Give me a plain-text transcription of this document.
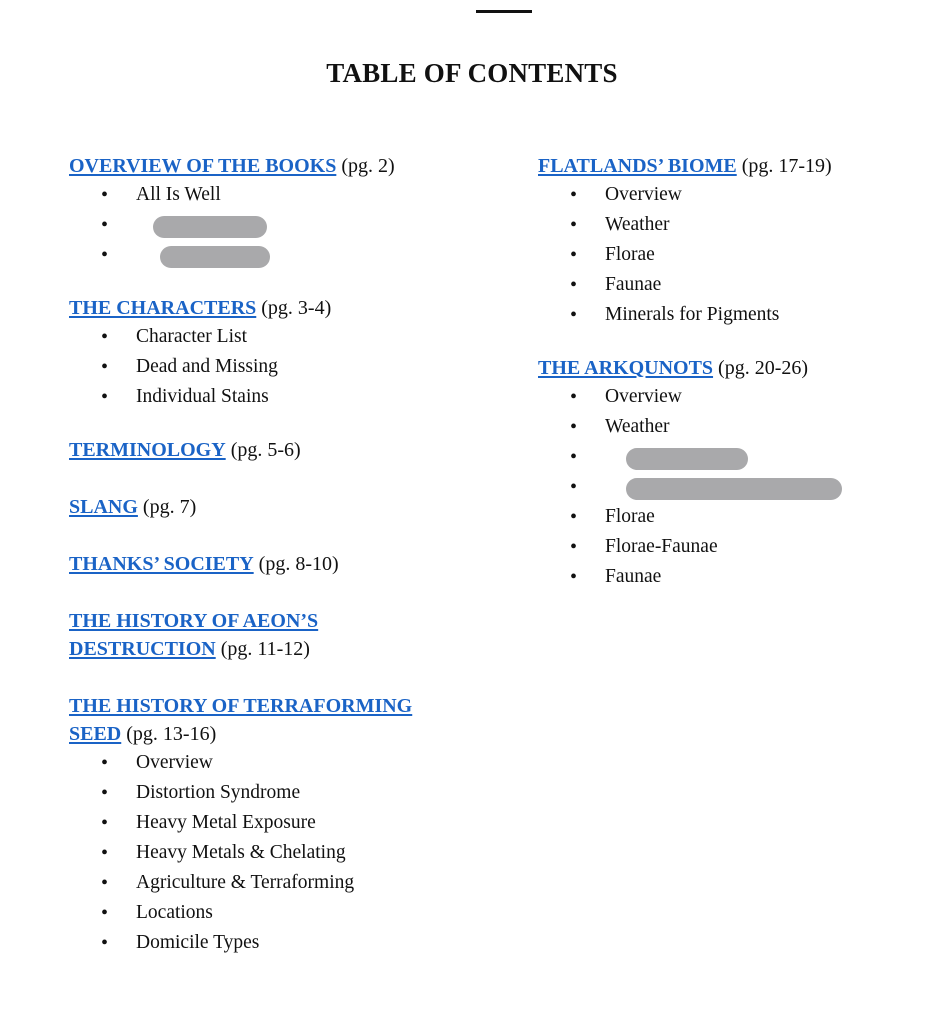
TABLE OF CONTENTS

OVERVIEW OF THE BOOKS (pg. 2)

•	All Is Well
•
•

THE CHARACTERS (pg. 3-4)

•	Character List
•	Dead and Missing
•	Individual Stains

TERMINOLOGY (pg. 5-6)

SLANG (pg. 7)

THANKS’ SOCIETY (pg. 8-10)

THE HISTORY OF AEON’S

DESTRUCTION (pg. 11-12)

THE HISTORY OF TERRAFORMING

SEED (pg. 13-16)

•	Overview
•	Distortion Syndrome
•	Heavy Metal Exposure
•	Heavy Metals & Chelating
•	Agriculture & Terraforming
•	Locations
•	Domicile Types

FLATLANDS’ BIOME (pg. 17-19)

•	Overview
•	Weather
•	Florae
•	Faunae
•	Minerals for Pigments

THE ARKQUNOTS (pg. 20-26)

•	Overview
•	Weather
•
•
•	Florae
•	Florae-Faunae
•	Faunae
